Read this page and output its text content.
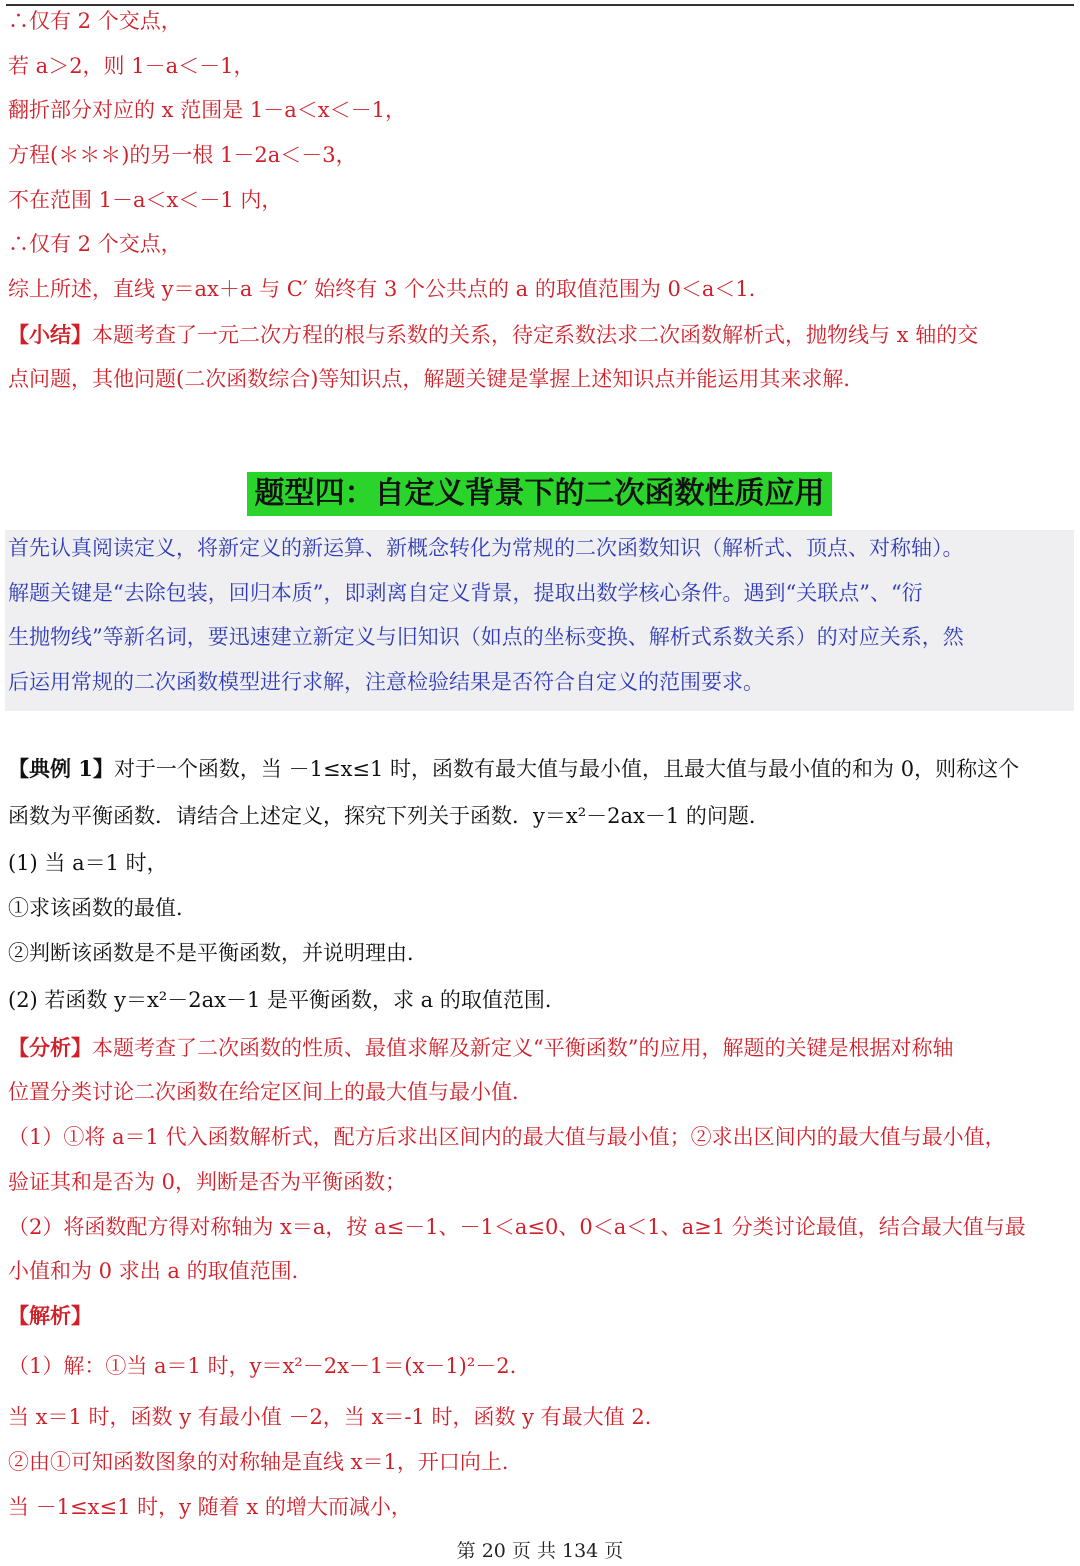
∴仅有 2 个交点，
若 a＞2，则 1－a＜－1，
翻折部分对应的 x 范围是 1－a＜x＜－1，
方程(＊＊＊)的另一根 1－2a＜－3，
不在范围 1－a＜x＜－1 内，
∴仅有 2 个交点，
综上所述，直线 y＝ax＋a 与 C′ 始终有 3 个公共点的 a 的取值范围为 0＜a＜1．
【小结】本题考查了一元二次方程的根与系数的关系，待定系数法求二次函数解析式，抛物线与 x 轴的交
点问题，其他问题(二次函数综合)等知识点，解题关键是掌握上述知识点并能运用其来求解．
题型四：自定义背景下的二次函数性质应用
首先认真阅读定义，将新定义的新运算、新概念转化为常规的二次函数知识（解析式、顶点、对称轴）。
解题关键是“去除包装，回归本质”，即剥离自定义背景，提取出数学核心条件。遇到“关联点”、“衍
生抛物线”等新名词，要迅速建立新定义与旧知识（如点的坐标变换、解析式系数关系）的对应关系，然
后运用常规的二次函数模型进行求解，注意检验结果是否符合自定义的范围要求。
【典例 1】对于一个函数，当 －1≤x≤1 时，函数有最大值与最小值，且最大值与最小值的和为 0，则称这个
函数为平衡函数．请结合上述定义，探究下列关于函数．y＝x²－2ax－1 的问题．
(1) 当 a＝1 时，
①求该函数的最值．
②判断该函数是不是平衡函数，并说明理由．
(2) 若函数 y＝x²－2ax－1 是平衡函数，求 a 的取值范围．
【分析】本题考查了二次函数的性质、最值求解及新定义“平衡函数”的应用，解题的关键是根据对称轴
位置分类讨论二次函数在给定区间上的最大值与最小值．
（1）①将 a＝1 代入函数解析式，配方后求出区间内的最大值与最小值；②求出区间内的最大值与最小值，
验证其和是否为 0，判断是否为平衡函数；
（2）将函数配方得对称轴为 x＝a，按 a≤－1、－1＜a≤0、0＜a＜1、a≥1 分类讨论最值，结合最大值与最
小值和为 0 求出 a 的取值范围．
【解析】
（1）解：①当 a＝1 时，y＝x²－2x－1＝(x－1)²－2.
当 x＝1 时，函数 y 有最小值 －2，当 x＝-1 时，函数 y 有最大值 2．
②由①可知函数图象的对称轴是直线 x＝1，开口向上．
当 －1≤x≤1 时，y 随着 x 的增大而减小，
第 20 页 共 134 页
